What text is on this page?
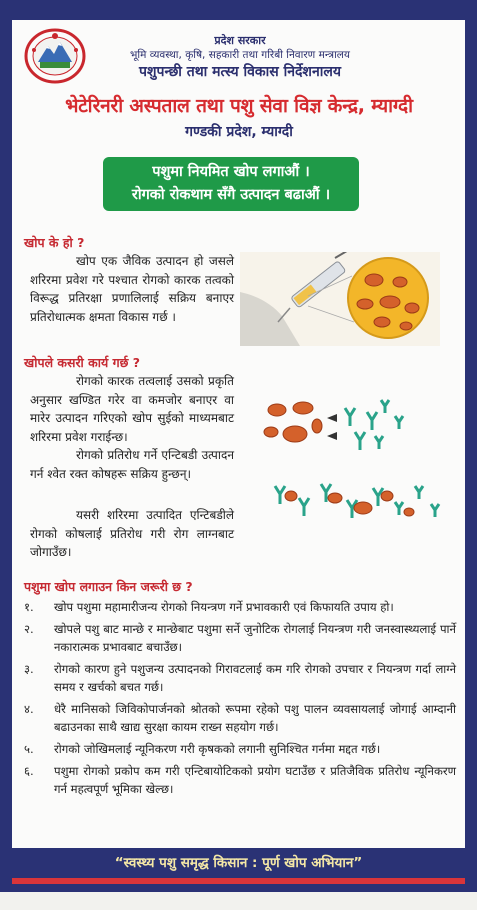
प्रदेश सरकार
भूमि व्यवस्था, कृषि, सहकारी तथा गरिबी निवारण मन्त्रालय
पशुपन्छी तथा मत्स्य विकास निर्देशनालय
भेटेरिनरी अस्पताल तथा पशु सेवा विज्ञ केन्द्र, म्याग्दी
गण्डकी प्रदेश, म्याग्दी
पशुमा नियमित खोप लगाऔं ।
रोगको रोकथाम सँगै उत्पादन बढाऔं ।
खोप के हो ?
खोप एक जैविक उत्पादन हो जसले शरिरमा प्रवेश गरे पश्चात रोगको कारक तत्वको विरूद्ध प्रतिरक्षा प्रणालिलाई सक्रिय बनाएर प्रतिरोधात्मक क्षमता विकास गर्छ ।
खोपले कसरी कार्य गर्छ ?
रोगको कारक तत्वलाई उसको प्रकृति अनुसार खण्डित गरेर वा कमजोर बनाएर वा मारेर उत्पादन गरिएको खोप सुईको माध्यमबाट शरिरमा प्रवेश गराईन्छ।
रोगको प्रतिरोध गर्ने एन्टिबडी उत्पादन गर्न श्वेत रक्त कोषहरू सक्रिय हुन्छन्।
यसरी शरिरमा उत्पादित एन्टिबडीले रोगको कोषलाई प्रतिरोध गरी रोग लाग्नबाट जोगाउँछ।
पशुमा खोप लगाउन किन जरूरी छ ?
१.	खोप पशुमा महामारीजन्य रोगको नियन्त्रण गर्ने प्रभावकारी एवं किफायति उपाय हो।
२.	खोपले पशु बाट मान्छे र मान्छेबाट पशुमा सर्ने जुनोटिक रोगलाई नियन्त्रण गरी जनस्वास्थ्यलाई पार्ने नकारात्मक प्रभावबाट बचाउँछ।
३.	रोगको कारण हुने पशुजन्य उत्पादनको गिरावटलाई कम गरि रोगको उपचार र नियन्त्रण गर्दा लाग्ने समय र खर्चको बचत गर्छ।
४.	धेरै मानिसको जिविकोपार्जनको श्रोतको रूपमा रहेको पशु पालन व्यवसायलाई जोगाई आम्दानी बढाउनका साथै खाद्य सुरक्षा कायम राख्न सहयोग गर्छ।
५.	रोगको जोखिमलाई न्यूनिकरण गरी कृषकको लगानी सुनिश्चित गर्नमा मद्दत गर्छ।
६.	पशुमा रोगको प्रकोप कम गरी एन्टिबायोटिकको प्रयोग घटाउँछ र प्रतिजैविक प्रतिरोध न्यूनिकरण गर्न महत्वपूर्ण भूमिका खेल्छ।
“स्वस्थ्य पशु समृद्ध किसान : पूर्ण खोप अभियान”
